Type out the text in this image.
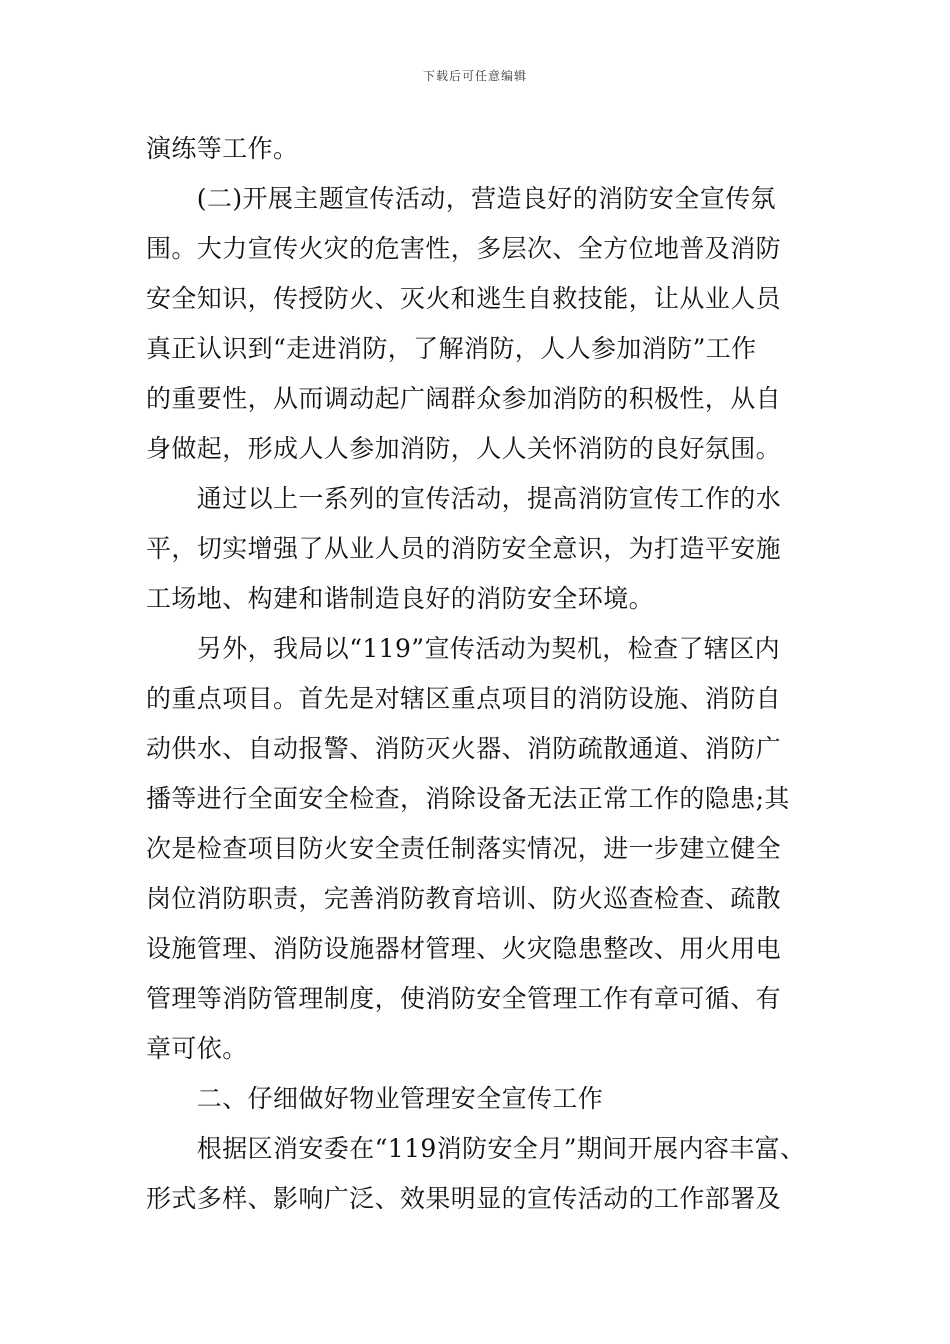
下载后可任意编辑
演练等工作。
　　(二)开展主题宣传活动，营造良好的消防安全宣传氛
围。大力宣传火灾的危害性，多层次、全方位地普及消防
安全知识，传授防火、灭火和逃生自救技能，让从业人员
真正认识到“走进消防，了解消防，人人参加消防”工作
的重要性，从而调动起广阔群众参加消防的积极性，从自
身做起，形成人人参加消防，人人关怀消防的良好氛围。
　　通过以上一系列的宣传活动，提高消防宣传工作的水
平，切实增强了从业人员的消防安全意识，为打造平安施
工场地、构建和谐制造良好的消防安全环境。
　　另外，我局以“119”宣传活动为契机，检查了辖区内
的重点项目。首先是对辖区重点项目的消防设施、消防自
动供水、自动报警、消防灭火器、消防疏散通道、消防广
播等进行全面安全检查，消除设备无法正常工作的隐患;其
次是检查项目防火安全责任制落实情况，进一步建立健全
岗位消防职责，完善消防教育培训、防火巡查检查、疏散
设施管理、消防设施器材管理、火灾隐患整改、用火用电
管理等消防管理制度，使消防安全管理工作有章可循、有
章可依。
　　二、仔细做好物业管理安全宣传工作
　　根据区消安委在“119消防安全月”期间开展内容丰富、
形式多样、影响广泛、效果明显的宣传活动的工作部署及
